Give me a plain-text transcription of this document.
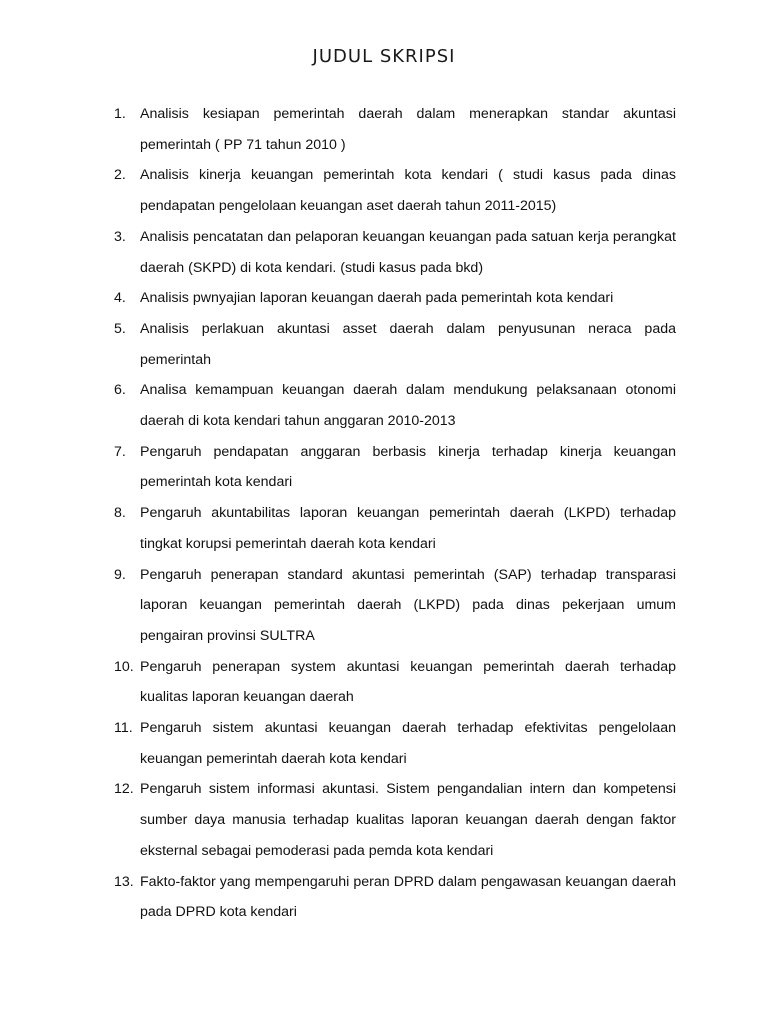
JUDUL SKRIPSI
1. Analisis kesiapan pemerintah daerah dalam menerapkan standar akuntasi pemerintah ( PP 71 tahun 2010 )
2. Analisis kinerja keuangan pemerintah kota kendari ( studi kasus pada dinas pendapatan pengelolaan keuangan aset daerah tahun 2011-2015)
3. Analisis pencatatan dan pelaporan keuangan keuangan pada satuan kerja perangkat daerah (SKPD) di kota kendari. (studi kasus pada bkd)
4. Analisis pwnyajian laporan keuangan daerah pada pemerintah kota kendari
5. Analisis perlakuan akuntasi asset daerah dalam penyusunan neraca pada pemerintah
6. Analisa kemampuan keuangan daerah dalam mendukung pelaksanaan otonomi daerah di kota kendari tahun anggaran 2010-2013
7. Pengaruh pendapatan anggaran berbasis kinerja terhadap kinerja keuangan pemerintah kota kendari
8. Pengaruh akuntabilitas laporan keuangan pemerintah daerah (LKPD) terhadap tingkat korupsi pemerintah daerah kota kendari
9. Pengaruh penerapan standard akuntasi pemerintah (SAP) terhadap transparasi laporan keuangan pemerintah daerah (LKPD) pada dinas pekerjaan umum pengairan provinsi SULTRA
10. Pengaruh penerapan system akuntasi keuangan pemerintah daerah terhadap kualitas laporan keuangan daerah
11. Pengaruh sistem akuntasi keuangan daerah terhadap efektivitas pengelolaan keuangan pemerintah daerah kota kendari
12. Pengaruh sistem informasi akuntasi. Sistem pengandalian intern dan kompetensi sumber daya manusia terhadap kualitas laporan keuangan daerah dengan faktor eksternal sebagai pemoderasi pada pemda kota kendari
13. Fakto-faktor yang mempengaruhi peran DPRD dalam pengawasan keuangan daerah pada DPRD kota kendari
